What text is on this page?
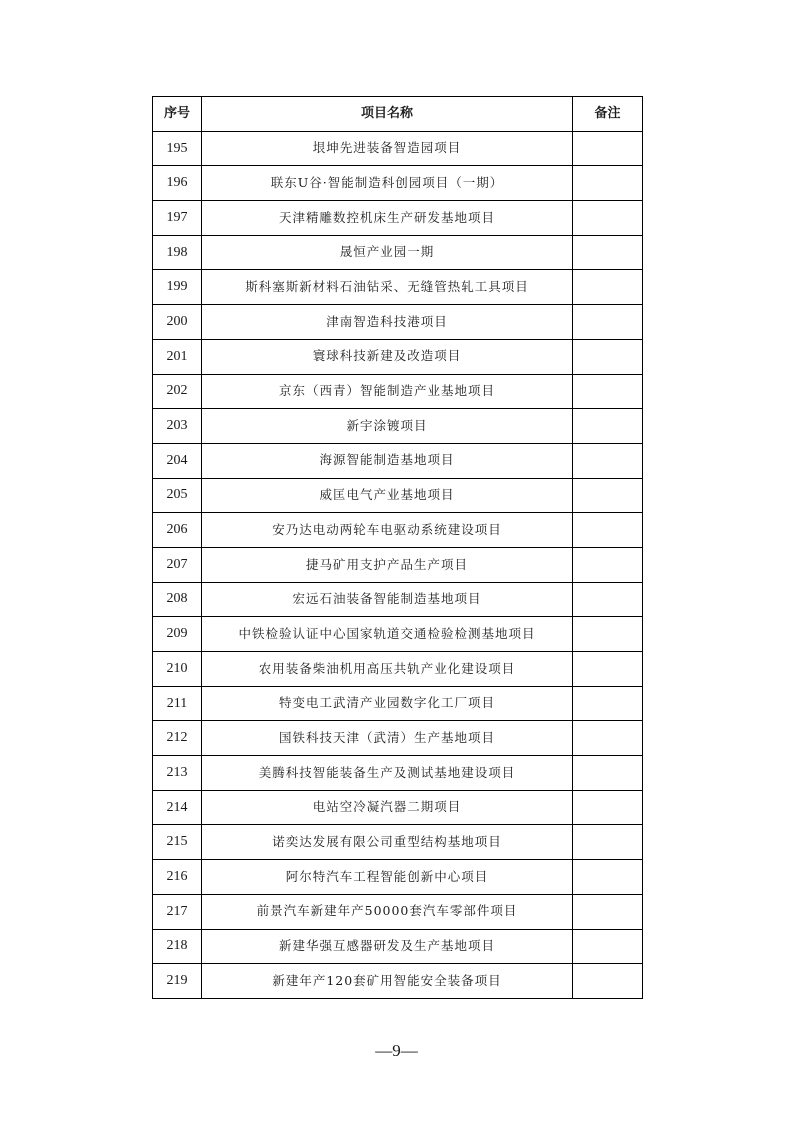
序号	项目名称	备注
195	垠坤先进装备智造园项目	
196	联东U谷·智能制造科创园项目（一期）	
197	天津精雕数控机床生产研发基地项目	
198	晟恒产业园一期	
199	斯科塞斯新材料石油钻采、无缝管热轧工具项目	
200	津南智造科技港项目	
201	寰球科技新建及改造项目	
202	京东（西青）智能制造产业基地项目	
203	新宇涂镀项目	
204	海源智能制造基地项目	
205	威匡电气产业基地项目	
206	安乃达电动两轮车电驱动系统建设项目	
207	捷马矿用支护产品生产项目	
208	宏远石油装备智能制造基地项目	
209	中铁检验认证中心国家轨道交通检验检测基地项目	
210	农用装备柴油机用高压共轨产业化建设项目	
211	特变电工武清产业园数字化工厂项目	
212	国铁科技天津（武清）生产基地项目	
213	美腾科技智能装备生产及测试基地建设项目	
214	电站空冷凝汽器二期项目	
215	诺奕达发展有限公司重型结构基地项目	
216	阿尔特汽车工程智能创新中心项目	
217	前景汽车新建年产50000套汽车零部件项目	
218	新建华强互感器研发及生产基地项目	
219	新建年产120套矿用智能安全装备项目	
—9—
